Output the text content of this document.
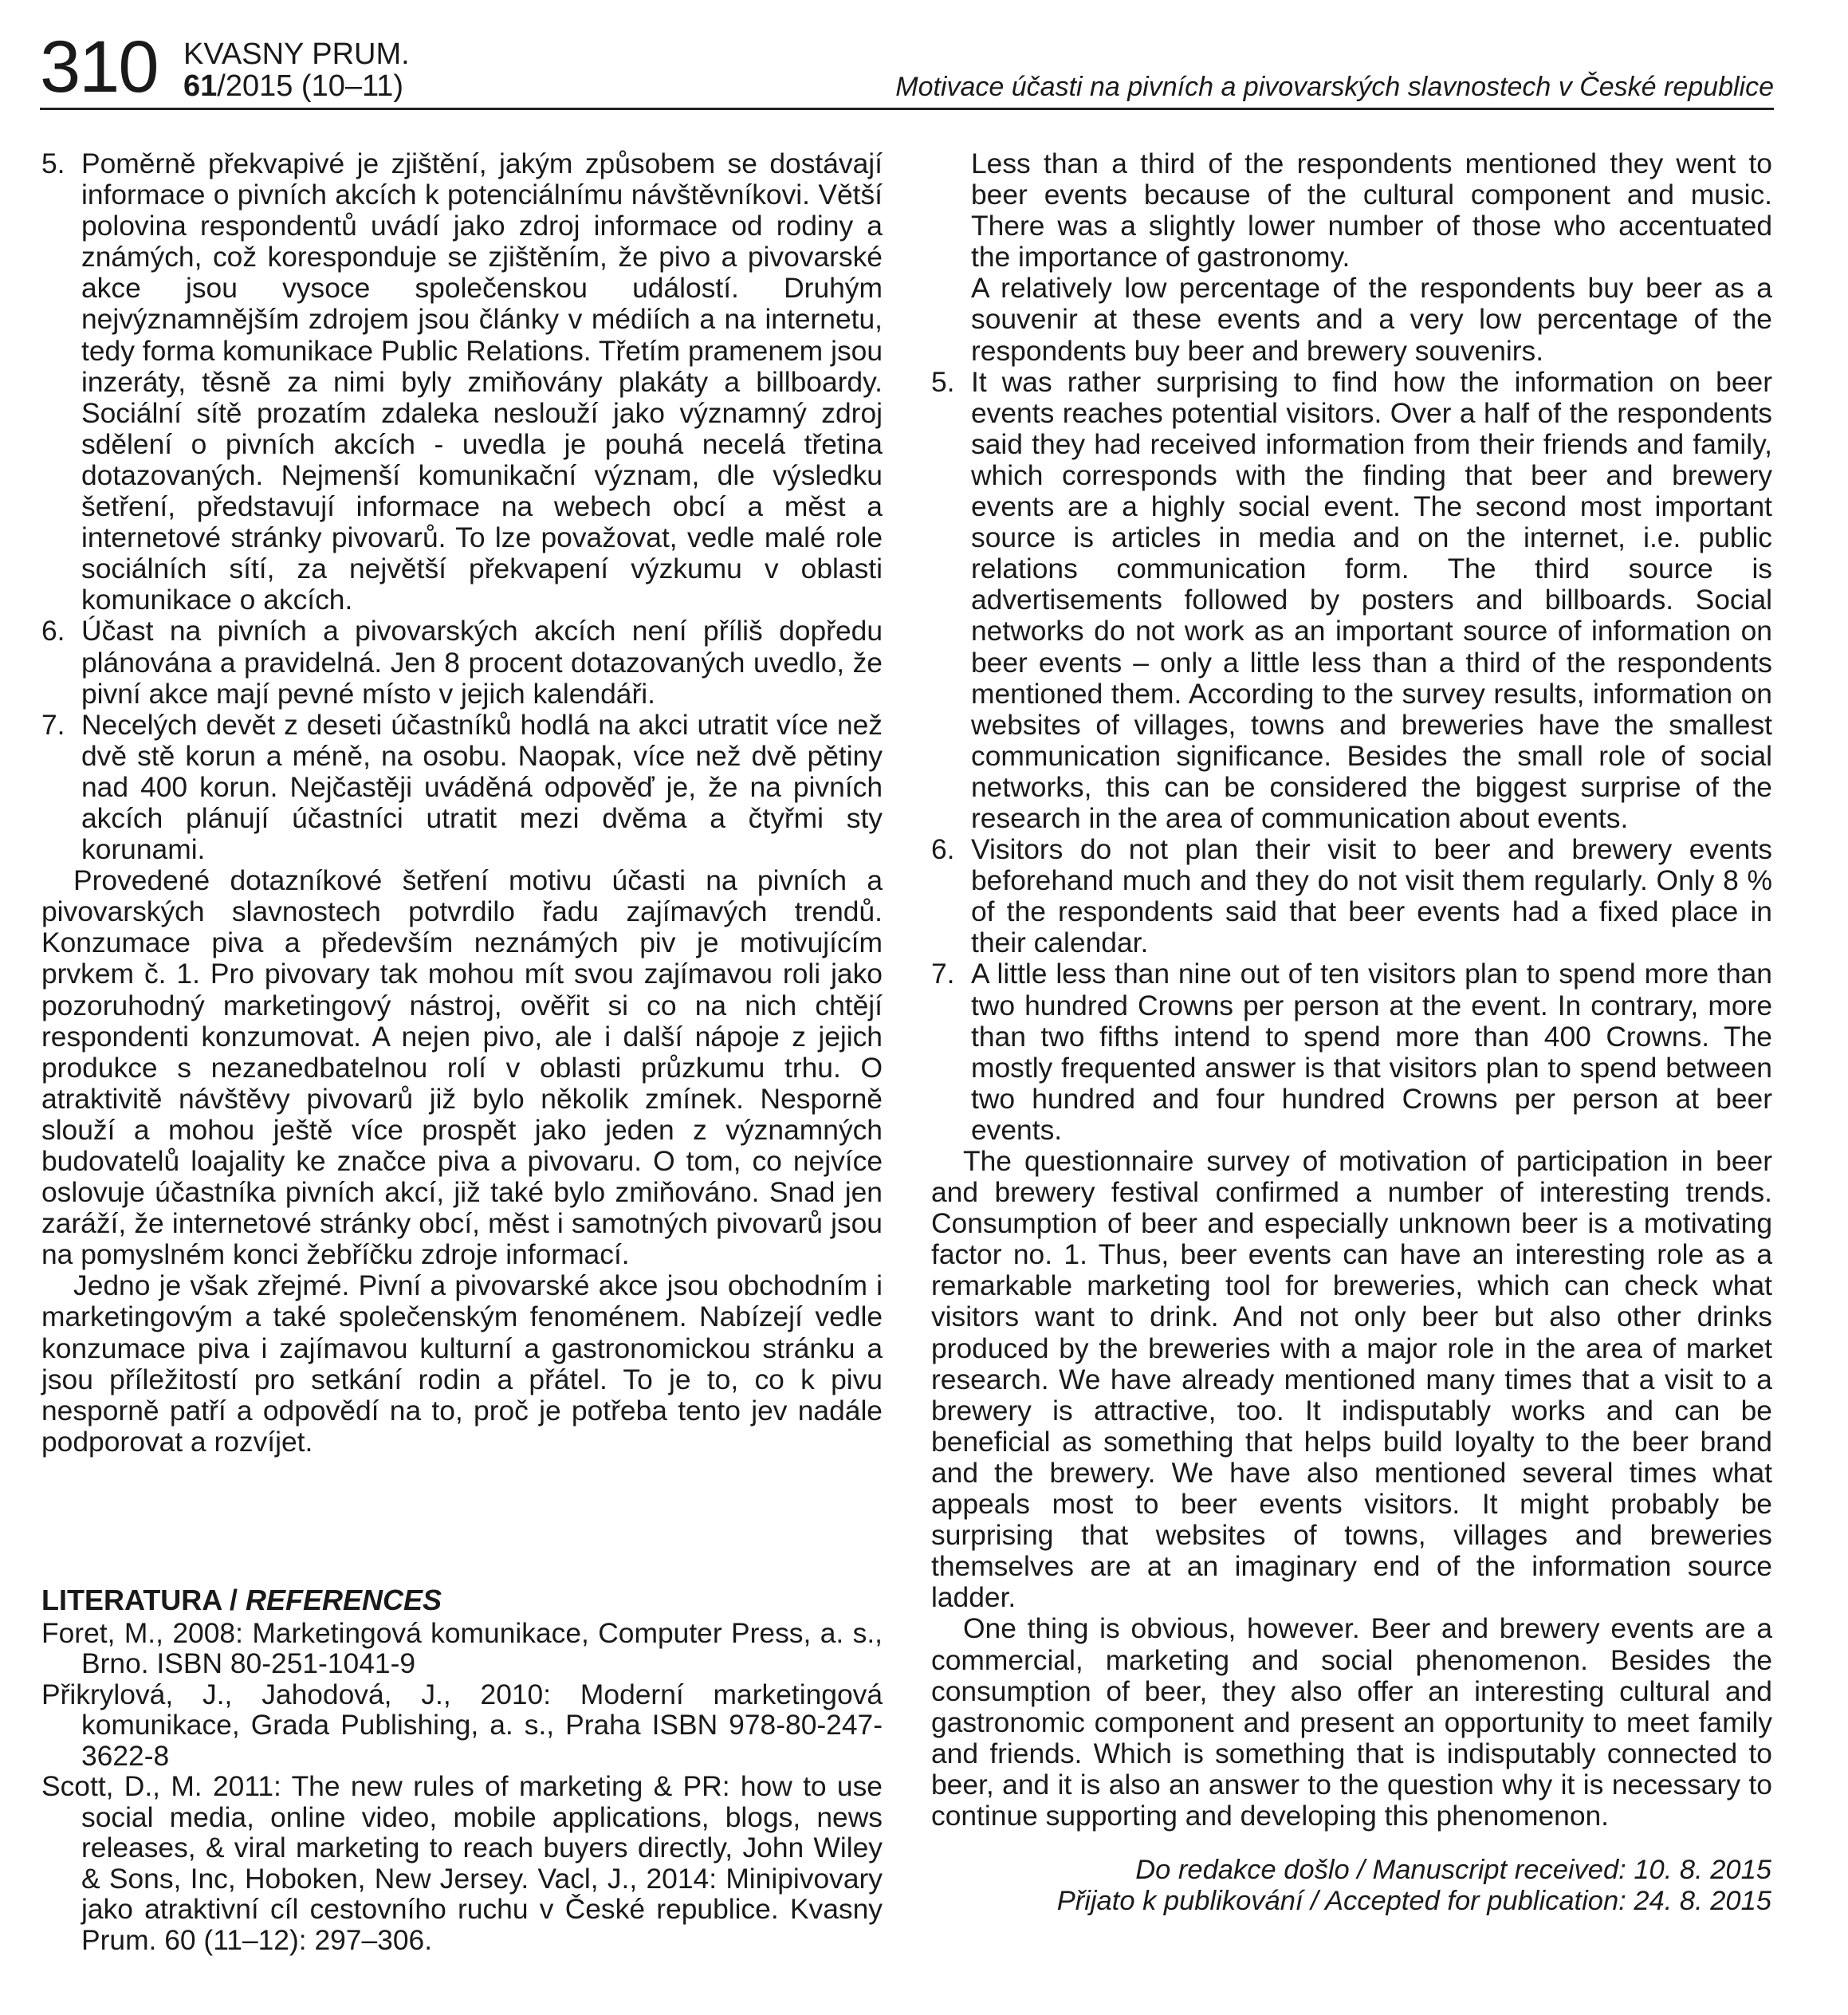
310 KVASNY PRUM.
61/2015 (10–11)	Motivace účasti na pivních a pivovarských slavnostech v České republice
5. Poměrně překvapivé je zjištění, jakým způsobem se dostávají informace o pivních akcích k potenciálnímu návštěvníkovi. Větší polovina respondentů uvádí jako zdroj informace od rodiny a známých, což koresponduje se zjištěním, že pivo a pivovarské akce jsou vysoce společenskou událostí. Druhým nejvýznamnějším zdrojem jsou články v médiích a na internetu, tedy forma komunikace Public Relations. Třetím pramenem jsou inzeráty, těsně za nimi byly zmiňovány plakáty a billboardy. Sociální sítě prozatím zdaleka neslouží jako významný zdroj sdělení o pivních akcích - uvedla je pouhá necelá třetina dotazovaných. Nejmenší komunikační význam, dle výsledku šetření, představují informace na webech obcí a měst a internetové stránky pivovarů. To lze považovat, vedle malé role sociálních sítí, za největší překvapení výzkumu v oblasti komunikace o akcích.
6. Účast na pivních a pivovarských akcích není příliš dopředu plánována a pravidelná. Jen 8 procent dotazovaných uvedlo, že pivní akce mají pevné místo v jejich kalendáři.
7. Necelých devět z deseti účastníků hodlá na akci utratit více než dvě stě korun a méně, na osobu. Naopak, více než dvě pětiny nad 400 korun. Nejčastěji uváděná odpověď je, že na pivních akcích plánují účastníci utratit mezi dvěma a čtyřmi sty korunami.

Provedené dotazníkové šetření motivu účasti na pivních a pivovarských slavnostech potvrdilo řadu zajímavých trendů. Konzumace piva a především neznámých piv je motivujícím prvkem č. 1. Pro pivovary tak mohou mít svou zajímavou roli jako pozoruhodný marketingový nástroj, ověřit si co na nich chtějí respondenti konzumovat. A nejen pivo, ale i další nápoje z jejich produkce s nezanedbatelnou rolí v oblasti průzkumu trhu. O atraktivitě návštěvy pivovarů již bylo několik zmínek. Nesporně slouží a mohou ještě více prospět jako jeden z významných budovatelů loajality ke značce piva a pivovaru. O tom, co nejvíce oslovuje účastníka pivních akcí, již také bylo zmiňováno. Snad jen zaráží, že internetové stránky obcí, měst i samotných pivovarů jsou na pomyslném konci žebříčku zdroje informací.

Jedno je však zřejmé. Pivní a pivovarské akce jsou obchodním i marketingovým a také společenským fenoménem. Nabízejí vedle konzumace piva i zajímavou kulturní a gastronomickou stránku a jsou příležitostí pro setkání rodin a přátel. To je to, co k pivu nesporně patří a odpovědí na to, proč je potřeba tento jev nadále podporovat a rozvíjet.

LITERATURA / REFERENCES
Foret, M., 2008: Marketingová komunikace, Computer Press, a. s., Brno. ISBN 80-251-1041-9
Přikrylová, J., Jahodová, J., 2010: Moderní marketingová komunikace, Grada Publishing, a. s., Praha ISBN 978-80-247-3622-8
Scott, D., M. 2011: The new rules of marketing & PR: how to use social media, online video, mobile applications, blogs, news releases, & viral marketing to reach buyers directly, John Wiley & Sons, Inc, Hoboken, New Jersey. Vacl, J., 2014: Minipivovary jako atraktivní cíl cestovního ruchu v České republice. Kvasny Prum. 60 (11–12): 297–306.

Less than a third of the respondents mentioned they went to beer events because of the cultural component and music. There was a slightly lower number of those who accentuated the importance of gastronomy.

A relatively low percentage of the respondents buy beer as a souvenir at these events and a very low percentage of the respondents buy beer and brewery souvenirs.

5. It was rather surprising to find how the information on beer events reaches potential visitors. Over a half of the respondents said they had received information from their friends and family, which corresponds with the finding that beer and brewery events are a highly social event. The second most important source is articles in media and on the internet, i.e. public relations communication form. The third source is advertisements followed by posters and billboards. Social networks do not work as an important source of information on beer events – only a little less than a third of the respondents mentioned them. According to the survey results, information on websites of villages, towns and breweries have the smallest communication significance. Besides the small role of social networks, this can be considered the biggest surprise of the research in the area of communication about events.
6. Visitors do not plan their visit to beer and brewery events beforehand much and they do not visit them regularly. Only 8 % of the respondents said that beer events had a fixed place in their calendar.
7. A little less than nine out of ten visitors plan to spend more than two hundred Crowns per person at the event. In contrary, more than two fifths intend to spend more than 400 Crowns. The mostly frequented answer is that visitors plan to spend between two hundred and four hundred Crowns per person at beer events.

The questionnaire survey of motivation of participation in beer and brewery festival confirmed a number of interesting trends. Consumption of beer and especially unknown beer is a motivating factor no. 1. Thus, beer events can have an interesting role as a remarkable marketing tool for breweries, which can check what visitors want to drink. And not only beer but also other drinks produced by the breweries with a major role in the area of market research. We have already mentioned many times that a visit to a brewery is attractive, too. It indisputably works and can be beneficial as something that helps build loyalty to the beer brand and the brewery. We have also mentioned several times what appeals most to beer events visitors. It might probably be surprising that websites of towns, villages and breweries themselves are at an imaginary end of the information source ladder.

One thing is obvious, however. Beer and brewery events are a commercial, marketing and social phenomenon. Besides the consumption of beer, they also offer an interesting cultural and gastronomic component and present an opportunity to meet family and friends. Which is something that is indisputably connected to beer, and it is also an answer to the question why it is necessary to continue supporting and developing this phenomenon.

Do redakce došlo / Manuscript received: 10. 8. 2015
Přijato k publikování / Accepted for publication: 24. 8. 2015
